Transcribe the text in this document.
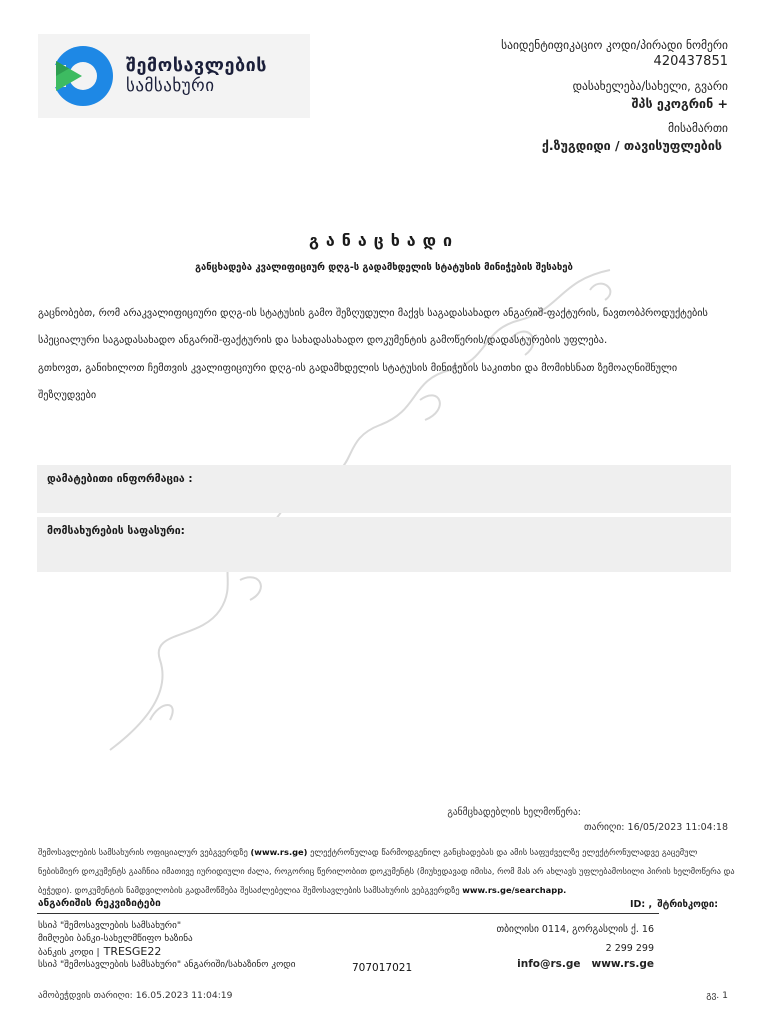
შემოსავლების
სამსახური
საიდენტიფიკაციო კოდი/პირადი ნომერი
420437851
დასახელება/სახელი, გვარი
შპს ეკოგრინ +
მისამართი
ქ.ზუგდიდი / თავისუფლების
განაცხადი
განცხადება კვალიფიციურ დღგ-ს გადამხდელის სტატუსის მინიჭების შესახებ
გაცნობებთ, რომ არაკვალიფიციური დღგ-ის სტატუსის გამო შეზღუდული მაქვს საგადასახადო ანგარიშ-ფაქტურის, ნავთობპროდუქტების სპეციალური საგადასახადო ანგარიშ-ფაქტურის და სახადასახადო დოკუმენტის გამოწერის/დადასტურების უფლება.
გთხოვთ, განიხილოთ ჩემთვის კვალიფიციური დღგ-ის გადამხდელის სტატუსის მინიჭების საკითხი და მომიხსნათ ზემოაღნიშნული შეზღუდვები
დამატებითი ინფორმაცია :
მომსახურების საფასური:
განმცხადებლის ხელმოწერა:
თარიღი: 16/05/2023 11:04:18
შემოსავლების სამსახურის ოფიციალურ ვებგვერდზე (www.rs.ge) ელექტრონულად წარმოდგენილ განცხადებას და ამის საფუძველზე ელექტრონულადვე გაცემულ ნებისმიერ დოკუმენტს გააჩნია იმათივე იურიდიული ძალა, როგორიც წერილობით დოკუმენტს (მიუხედავად იმისა, რომ მას არ ახლავს უფლებამოსილი პირის ხელმოწერა და ბეჭედი). დოკუმენტის ნამდვილობის გადამოწმება შესაძლებელია შემოსავლების სამსახურის ვებგვერდზე www.rs.ge/searchapp.
ანგარიშის რეკვიზიტები	ID: , შტრიხკოდი:
სსიპ "შემოსავლების სამსახური"
მიმღები ბანკი-სახელმწიფო ხაზინა
ბანკის კოდი | TRESGE22
სსიპ "შემოსავლების სამსახური" ანგარიში/სახაზინო კოდი	707017021
თბილისი 0114, გორგასლის ქ. 16
2 299 299
info@rs.ge www.rs.ge
ამობეჭდვის თარიღი: 16.05.2023 11:04:19	გვ. 1
